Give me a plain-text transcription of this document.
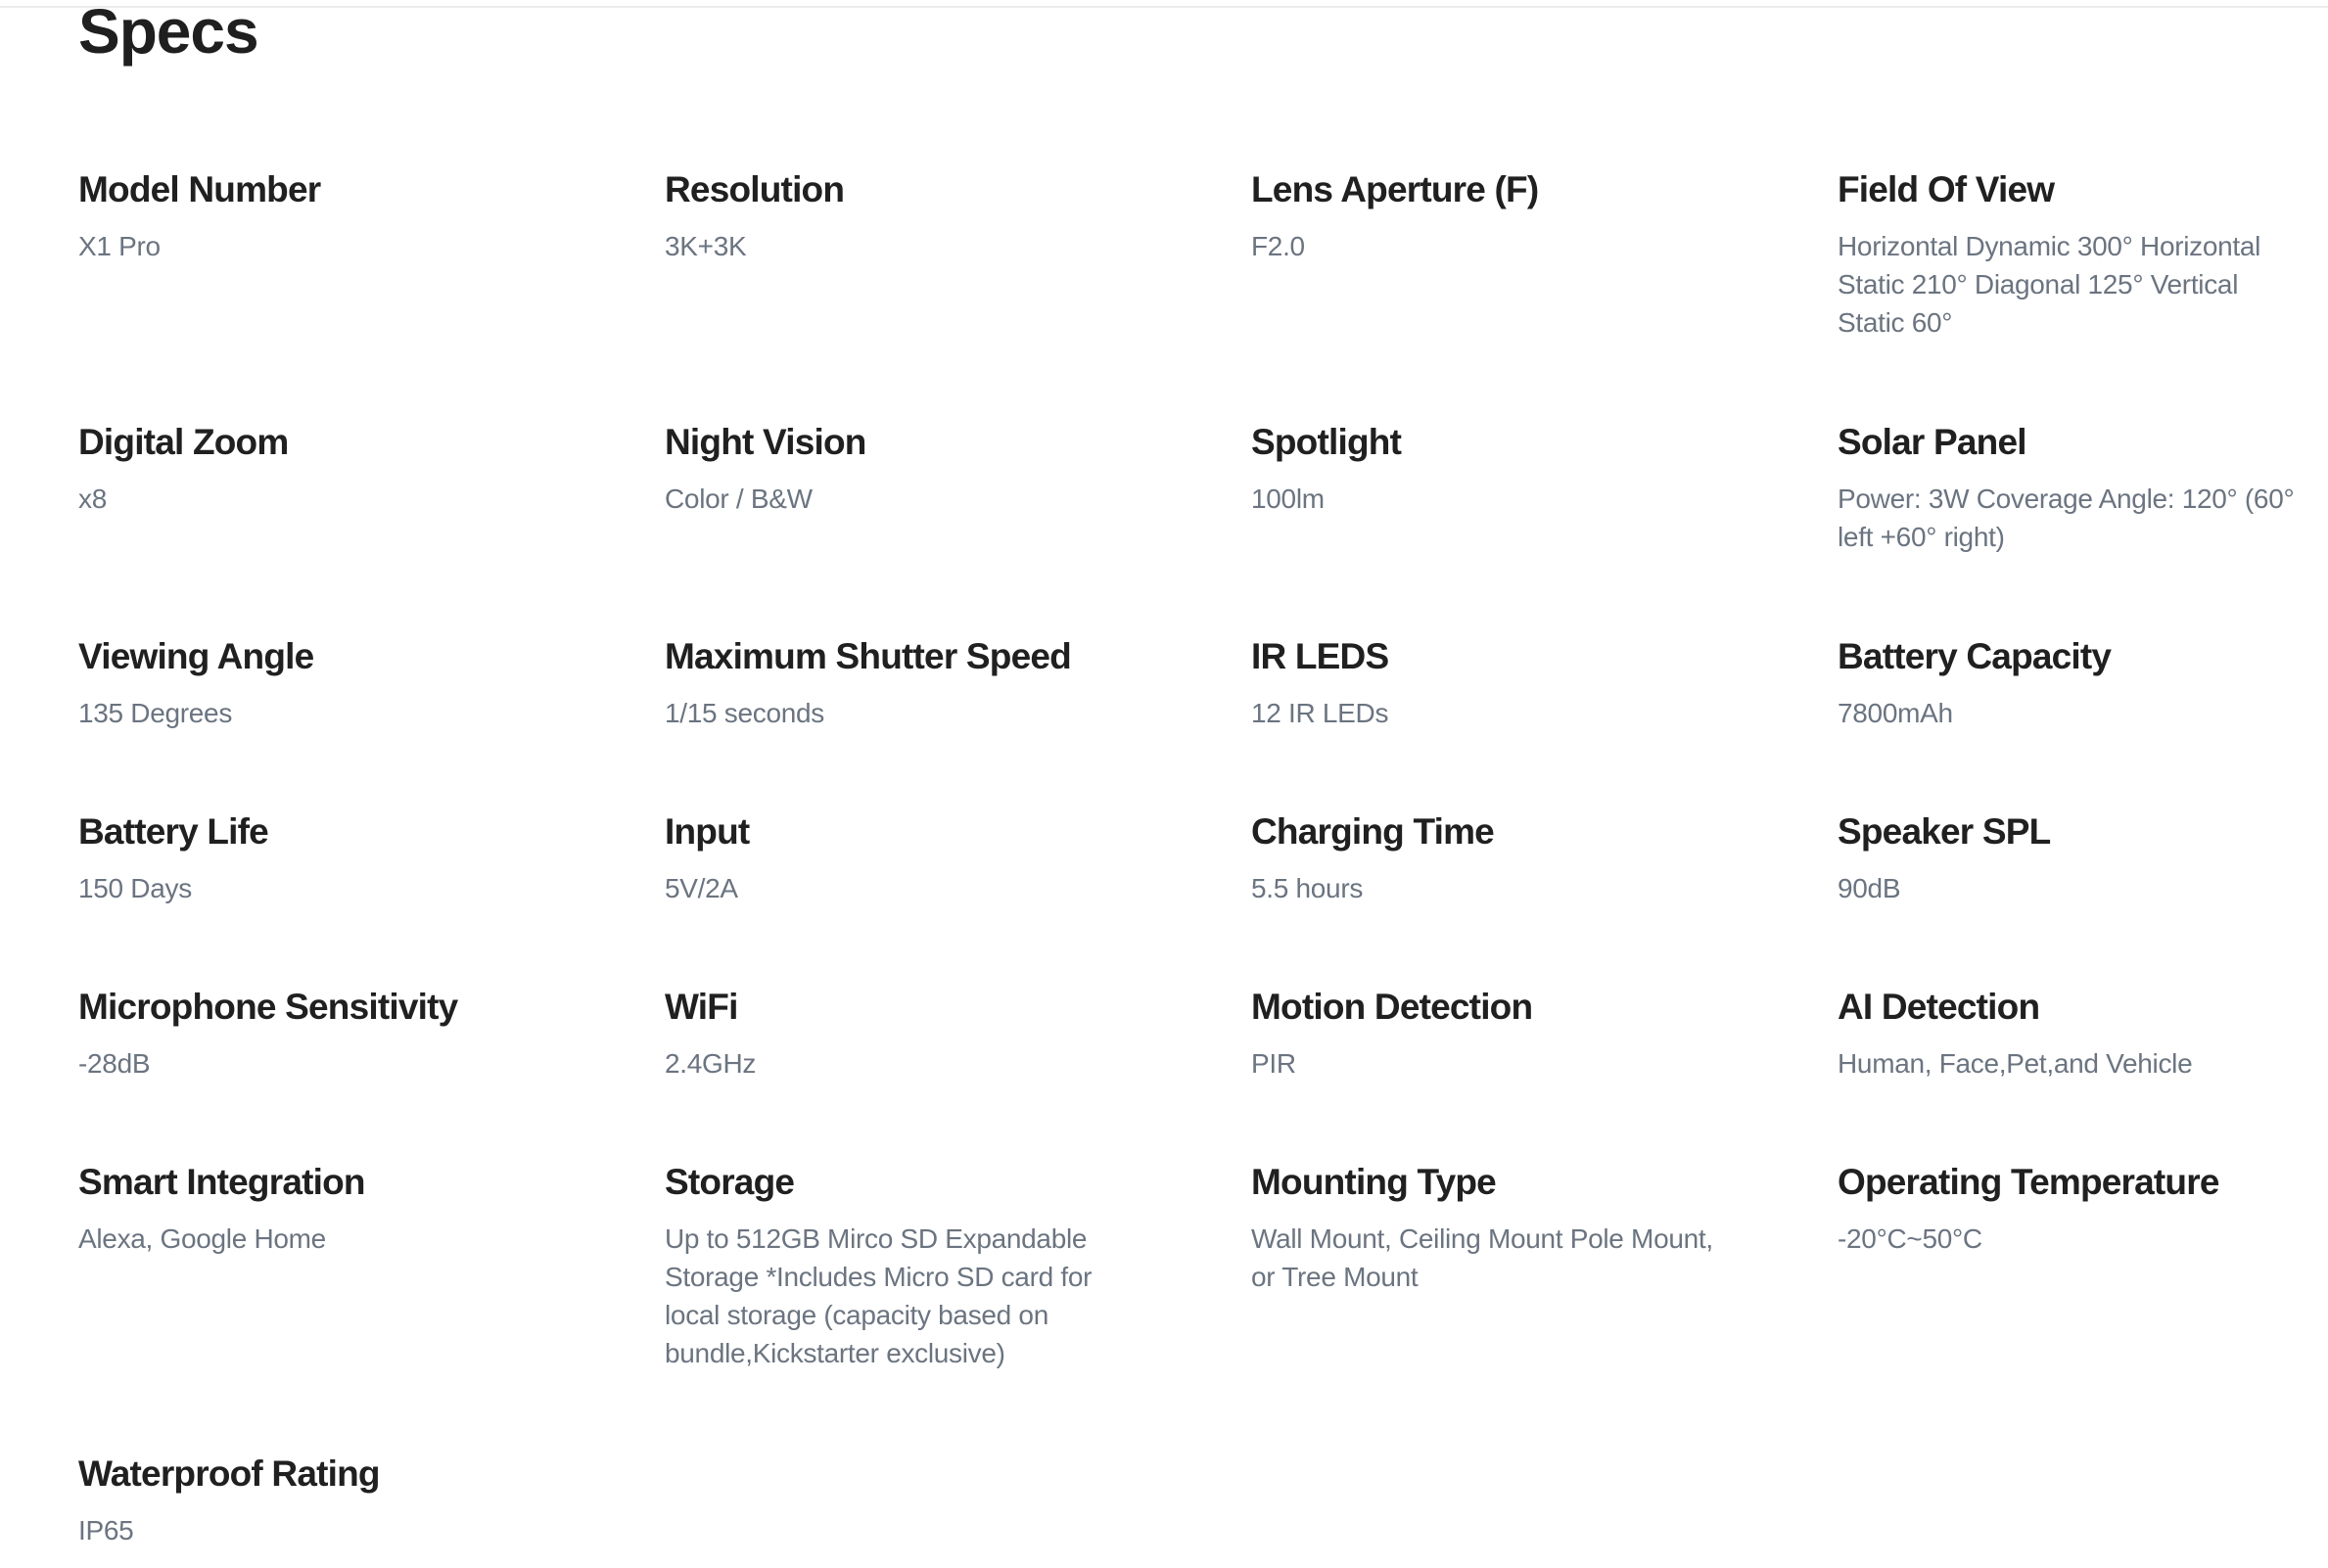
Specs
Model Number
X1 Pro
Resolution
3K+3K
Lens Aperture (F)
F2.0
Field Of View
Horizontal Dynamic 300° Horizontal Static 210° Diagonal 125° Vertical Static 60°
Digital Zoom
x8
Night Vision
Color / B&W
Spotlight
100lm
Solar Panel
Power: 3W Coverage Angle: 120° (60° left +60° right)
Viewing Angle
135 Degrees
Maximum Shutter Speed
1/15 seconds
IR LEDS
12 IR LEDs
Battery Capacity
7800mAh
Battery Life
150 Days
Input
5V/2A
Charging Time
5.5 hours
Speaker SPL
90dB
Microphone Sensitivity
-28dB
WiFi
2.4GHz
Motion Detection
PIR
AI Detection
Human, Face,Pet,and Vehicle
Smart Integration
Alexa, Google Home
Storage
Up to 512GB Mirco SD Expandable Storage *Includes Micro SD card for local storage (capacity based on bundle,Kickstarter exclusive)
Mounting Type
Wall Mount, Ceiling Mount Pole Mount, or Tree Mount
Operating Temperature
-20°C~50°C
Waterproof Rating
IP65
